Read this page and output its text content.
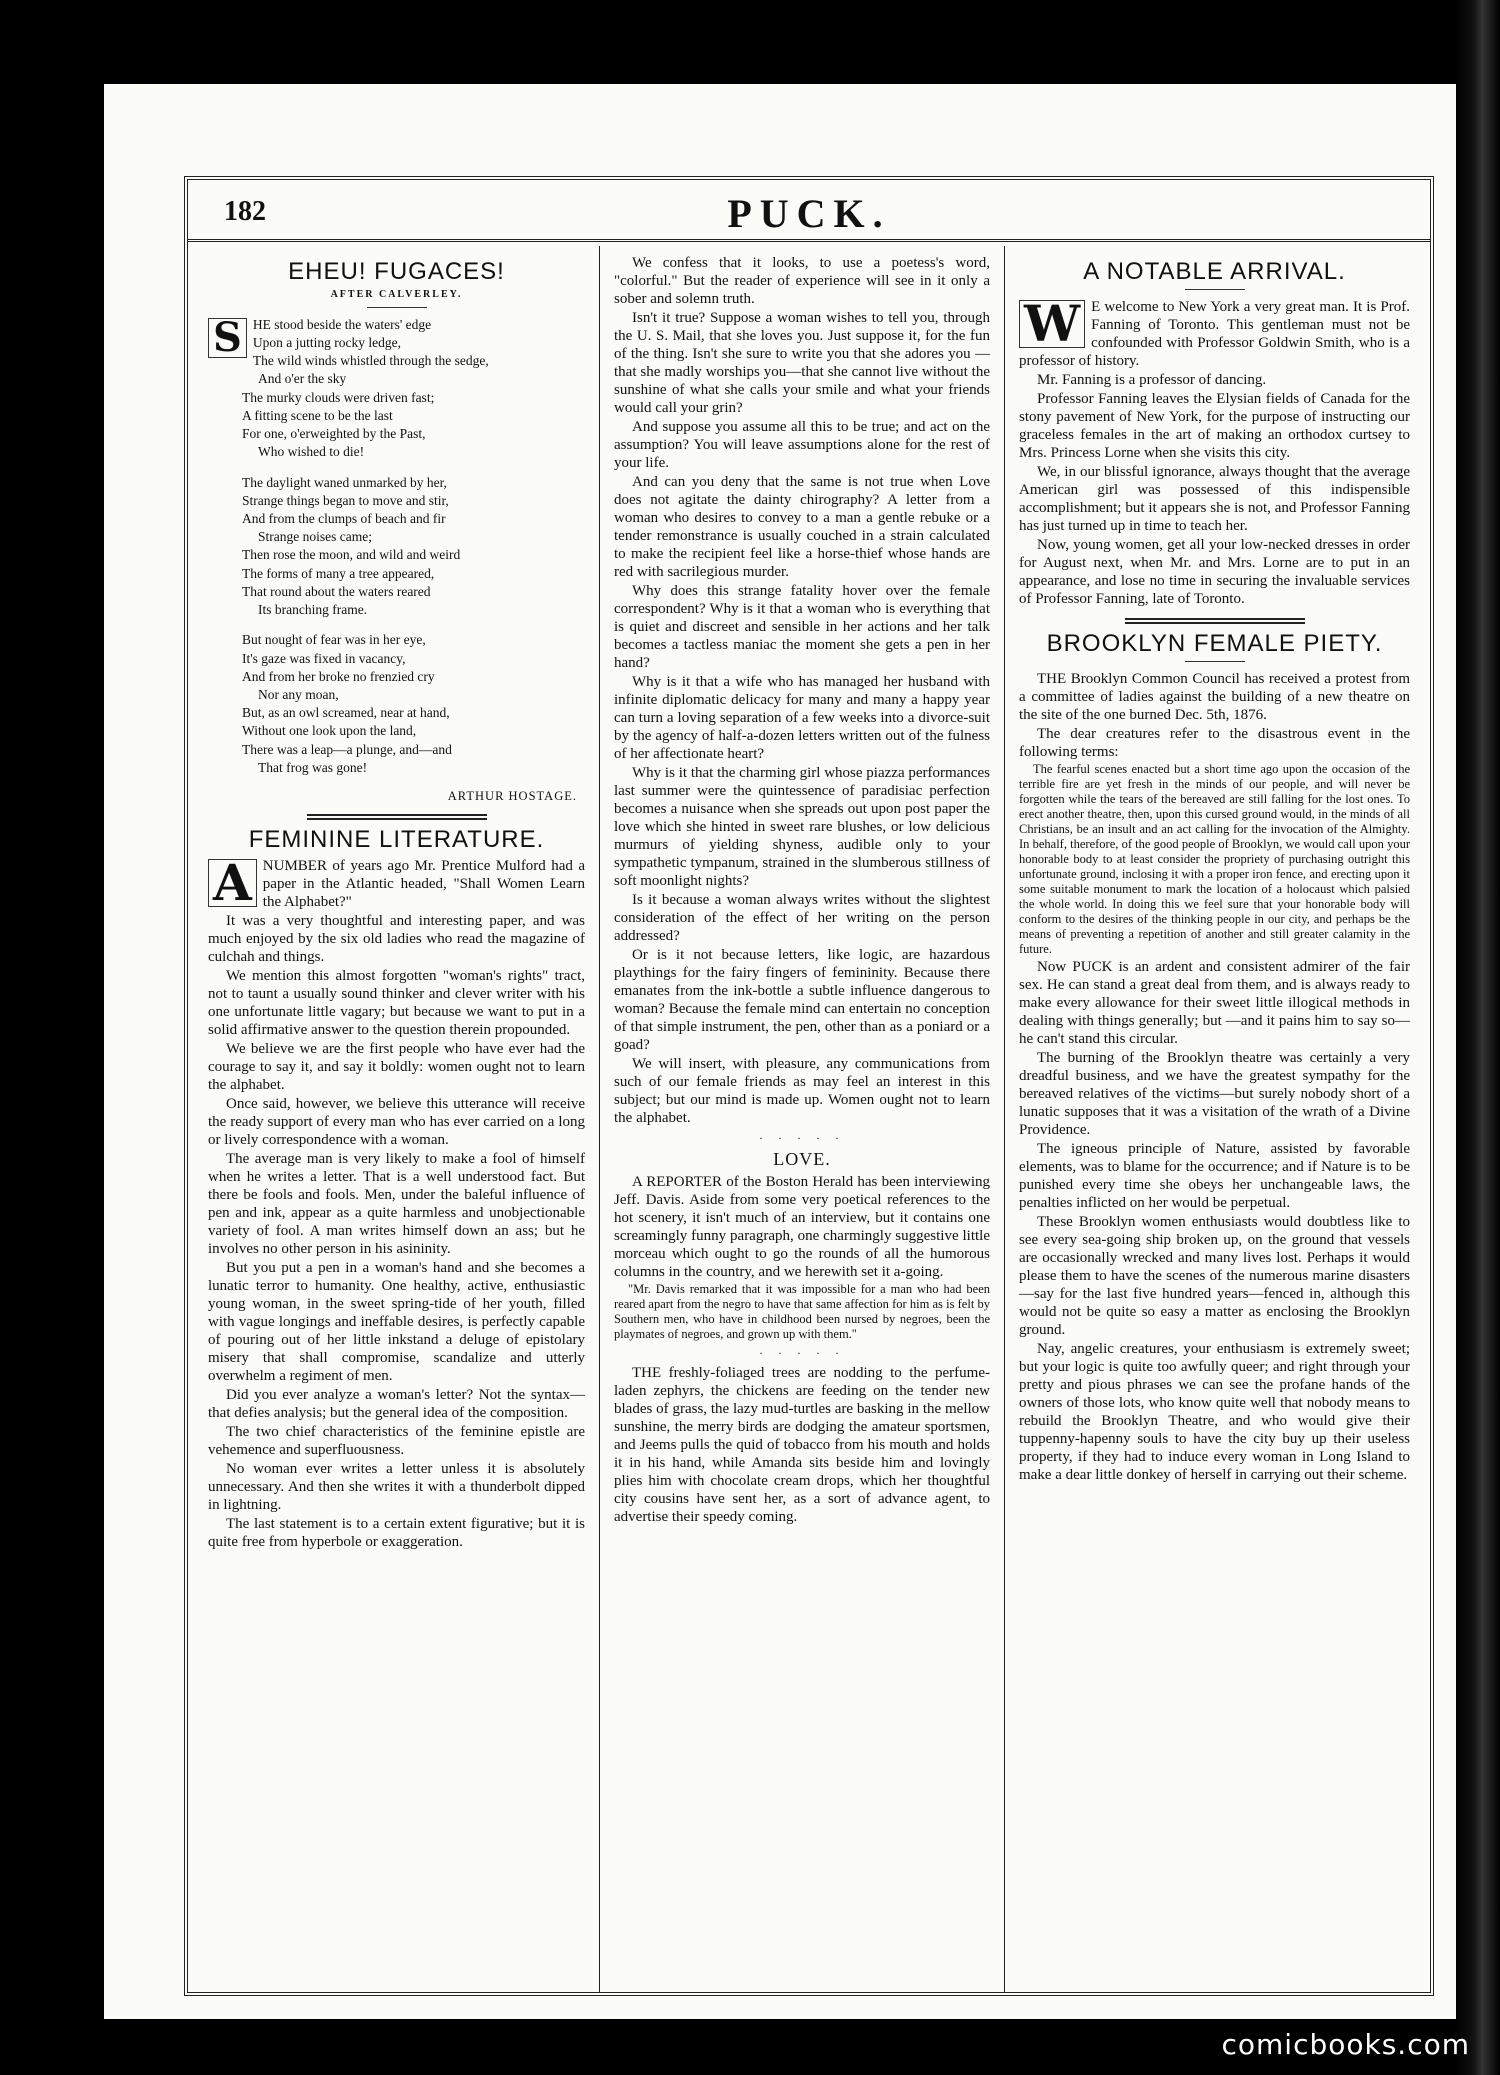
182	PUCK.
EHEU! FUGACES!
AFTER CALVERLEY.
S HE stood beside the waters' edge
Upon a jutting rocky ledge,
The wild winds whistled through the sedge,
And o'er the sky
The murky clouds were driven fast;
A fitting scene to be the last
For one, o'erweighted by the Past,
Who wished to die!
The daylight waned unmarked by her,
Strange things began to move and stir,
And from the clumps of beach and fir
Strange noises came;
Then rose the moon, and wild and weird
The forms of many a tree appeared,
That round about the waters reared
Its branching frame.
But nought of fear was in her eye,
It's gaze was fixed in vacancy,
And from her broke no frenzied cry
Nor any moan,
But, as an owl screamed, near at hand,
Without one look upon the land,
There was a leap—a plunge, and—and
That frog was gone!
ARTHUR HOSTAGE.
FEMININE LITERATURE.
A NUMBER of years ago Mr. Prentice Mulford had a paper in the Atlantic headed, "Shall Women Learn the Alphabet?"

It was a very thoughtful and interesting paper, and was much enjoyed by the six old ladies who read the magazine of culchah and things.

We mention this almost forgotten "woman's rights" tract, not to taunt a usually sound thinker and clever writer with his one unfortunate little vagary; but because we want to put in a solid affirmative answer to the question therein propounded.

We believe we are the first people who have ever had the courage to say it, and say it boldly: women ought not to learn the alphabet.

Once said, however, we believe this utterance will receive the ready support of every man who has ever carried on a long or lively correspondence with a woman.

The average man is very likely to make a fool of himself when he writes a letter. That is a well understood fact. But there be fools and fools. Men, under the baleful influence of pen and ink, appear as a quite harmless and unobjectionable variety of fool. A man writes himself down an ass; but he involves no other person in his asininity.

But you put a pen in a woman's hand and she becomes a lunatic terror to humanity. One healthy, active, enthusiastic young woman, in the sweet spring-tide of her youth, filled with vague longings and ineffable desires, is perfectly capable of pouring out of her little inkstand a deluge of epistolary misery that shall compromise, scandalize and utterly overwhelm a regiment of men.

Did you ever analyze a woman's letter? Not the syntax—that defies analysis; but the general idea of the composition.

The two chief characteristics of the feminine epistle are vehemence and superfluousness.

No woman ever writes a letter unless it is absolutely unnecessary. And then she writes it with a thunderbolt dipped in lightning.

The last statement is to a certain extent figurative; but it is quite free from hyperbole or exaggeration.

We confess that it looks, to use a poetess's word, "colorful." But the reader of experience will see in it only a sober and solemn truth.

Isn't it true? Suppose a woman wishes to tell you, through the U. S. Mail, that she loves you. Just suppose it, for the fun of the thing. Isn't she sure to write you that she adores you —that she madly worships you—that she cannot live without the sunshine of what she calls your smile and what your friends would call your grin?

And suppose you assume all this to be true; and act on the assumption? You will leave assumptions alone for the rest of your life.

And can you deny that the same is not true when Love does not agitate the dainty chirography? A letter from a woman who desires to convey to a man a gentle rebuke or a tender remonstrance is usually couched in a strain calculated to make the recipient feel like a horse-thief whose hands are red with sacrilegious murder.

Why does this strange fatality hover over the female correspondent? Why is it that a woman who is everything that is quiet and discreet and sensible in her actions and her talk becomes a tactless maniac the moment she gets a pen in her hand?

Why is it that a wife who has managed her husband with infinite diplomatic delicacy for many and many a happy year can turn a loving separation of a few weeks into a divorce-suit by the agency of half-a-dozen letters written out of the fulness of her affectionate heart?

Why is it that the charming girl whose piazza performances last summer were the quintessence of paradisiac perfection becomes a nuisance when she spreads out upon post paper the love which she hinted in sweet rare blushes, or low delicious murmurs of yielding shyness, audible only to your sympathetic tympanum, strained in the slumberous stillness of soft moonlight nights?

Is it because a woman always writes without the slightest consideration of the effect of her writing on the person addressed?

Or is it not because letters, like logic, are hazardous playthings for the fairy fingers of femininity. Because there emanates from the ink-bottle a subtle influence dangerous to woman? Because the female mind can entertain no conception of that simple instrument, the pen, other than as a poniard or a goad?

We will insert, with pleasure, any communications from such of our female friends as may feel an interest in this subject; but our mind is made up. Women ought not to learn the alphabet.

· · · · ·
LOVE.

A REPORTER of the Boston Herald has been interviewing Jeff. Davis. Aside from some very poetical references to the hot scenery, it isn't much of an interview, but it contains one screamingly funny paragraph, one charmingly suggestive little morceau which ought to go the rounds of all the humorous columns in the country, and we herewith set it a-going.

"Mr. Davis remarked that it was impossible for a man who had been reared apart from the negro to have that same affection for him as is felt by Southern men, who have in childhood been nursed by negroes, been the playmates of negroes, and grown up with them."

· · · · ·

THE freshly-foliaged trees are nodding to the perfume-laden zephyrs, the chickens are feeding on the tender new blades of grass, the lazy mud-turtles are basking in the mellow sunshine, the merry birds are dodging the amateur sportsmen, and Jeems pulls the quid of tobacco from his mouth and holds it in his hand, while Amanda sits beside him and lovingly plies him with chocolate cream drops, which her thoughtful city cousins have sent her, as a sort of advance agent, to advertise their speedy coming.

A NOTABLE ARRIVAL.
W E welcome to New York a very great man. It is Prof. Fanning of Toronto. This gentleman must not be confounded with Professor Goldwin Smith, who is a professor of history.

Mr. Fanning is a professor of dancing.

Professor Fanning leaves the Elysian fields of Canada for the stony pavement of New York, for the purpose of instructing our graceless females in the art of making an orthodox curtsey to Mrs. Princess Lorne when she visits this city.

We, in our blissful ignorance, always thought that the average American girl was possessed of this indispensible accomplishment; but it appears she is not, and Professor Fanning has just turned up in time to teach her.

Now, young women, get all your low-necked dresses in order for August next, when Mr. and Mrs. Lorne are to put in an appearance, and lose no time in securing the invaluable services of Professor Fanning, late of Toronto.

BROOKLYN FEMALE PIETY.

THE Brooklyn Common Council has received a protest from a committee of ladies against the building of a new theatre on the site of the one burned Dec. 5th, 1876.

The dear creatures refer to the disastrous event in the following terms:

The fearful scenes enacted but a short time ago upon the occasion of the terrible fire are yet fresh in the minds of our people, and will never be forgotten while the tears of the bereaved are still falling for the lost ones. To erect another theatre, then, upon this cursed ground would, in the minds of all Christians, be an insult and an act calling for the invocation of the Almighty. In behalf, therefore, of the good people of Brooklyn, we would call upon your honorable body to at least consider the propriety of purchasing outright this unfortunate ground, inclosing it with a proper iron fence, and erecting upon it some suitable monument to mark the location of a holocaust which palsied the whole world. In doing this we feel sure that your honorable body will conform to the desires of the thinking people in our city, and perhaps be the means of preventing a repetition of another and still greater calamity in the future.

Now PUCK is an ardent and consistent admirer of the fair sex. He can stand a great deal from them, and is always ready to make every allowance for their sweet little illogical methods in dealing with things generally; but —and it pains him to say so—he can't stand this circular.

The burning of the Brooklyn theatre was certainly a very dreadful business, and we have the greatest sympathy for the bereaved relatives of the victims—but surely nobody short of a lunatic supposes that it was a visitation of the wrath of a Divine Providence.

The igneous principle of Nature, assisted by favorable elements, was to blame for the occurrence; and if Nature is to be punished every time she obeys her unchangeable laws, the penalties inflicted on her would be perpetual.

These Brooklyn women enthusiasts would doubtless like to see every sea-going ship broken up, on the ground that vessels are occasionally wrecked and many lives lost. Perhaps it would please them to have the scenes of the numerous marine disasters—say for the last five hundred years—fenced in, although this would not be quite so easy a matter as enclosing the Brooklyn ground.

Nay, angelic creatures, your enthusiasm is extremely sweet; but your logic is quite too awfully queer; and right through your pretty and pious phrases we can see the profane hands of the owners of those lots, who know quite well that nobody means to rebuild the Brooklyn Theatre, and who would give their tuppenny-hapenny souls to have the city buy up their useless property, if they had to induce every woman in Long Island to make a dear little donkey of herself in carrying out their scheme.

comicbooks.com
